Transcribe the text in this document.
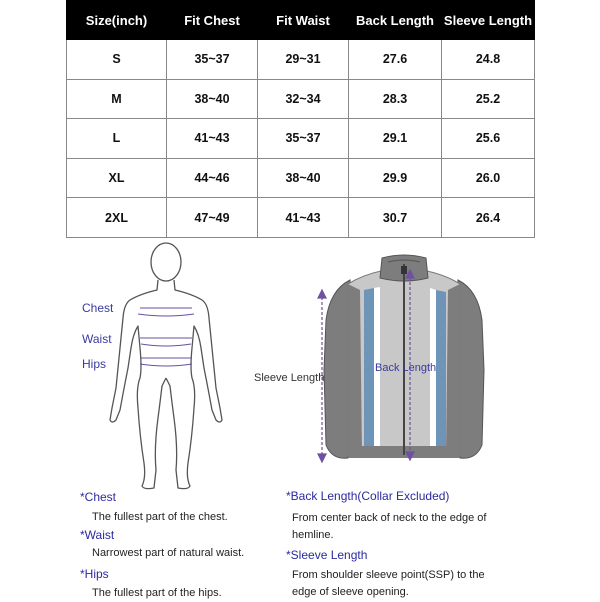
Size(inch)	Fit Chest	Fit Waist	Back Length	Sleeve Length
S	35~37	29~31	27.6	24.8
M	38~40	32~34	28.3	25.2
L	41~43	35~37	29.1	25.6
XL	44~46	38~40	29.9	26.0
2XL	47~49	41~43	30.7	26.4
Chest
Waist
Hips
Sleeve Length
Back Length
*Chest
The fullest part of the chest.
*Waist
Narrowest part of natural waist.
*Hips
The fullest part of the hips.
*Back Length(Collar Excluded)
From center back of neck to the edge of
hemline.
*Sleeve Length
From shoulder sleeve point(SSP) to the
edge of sleeve opening.
